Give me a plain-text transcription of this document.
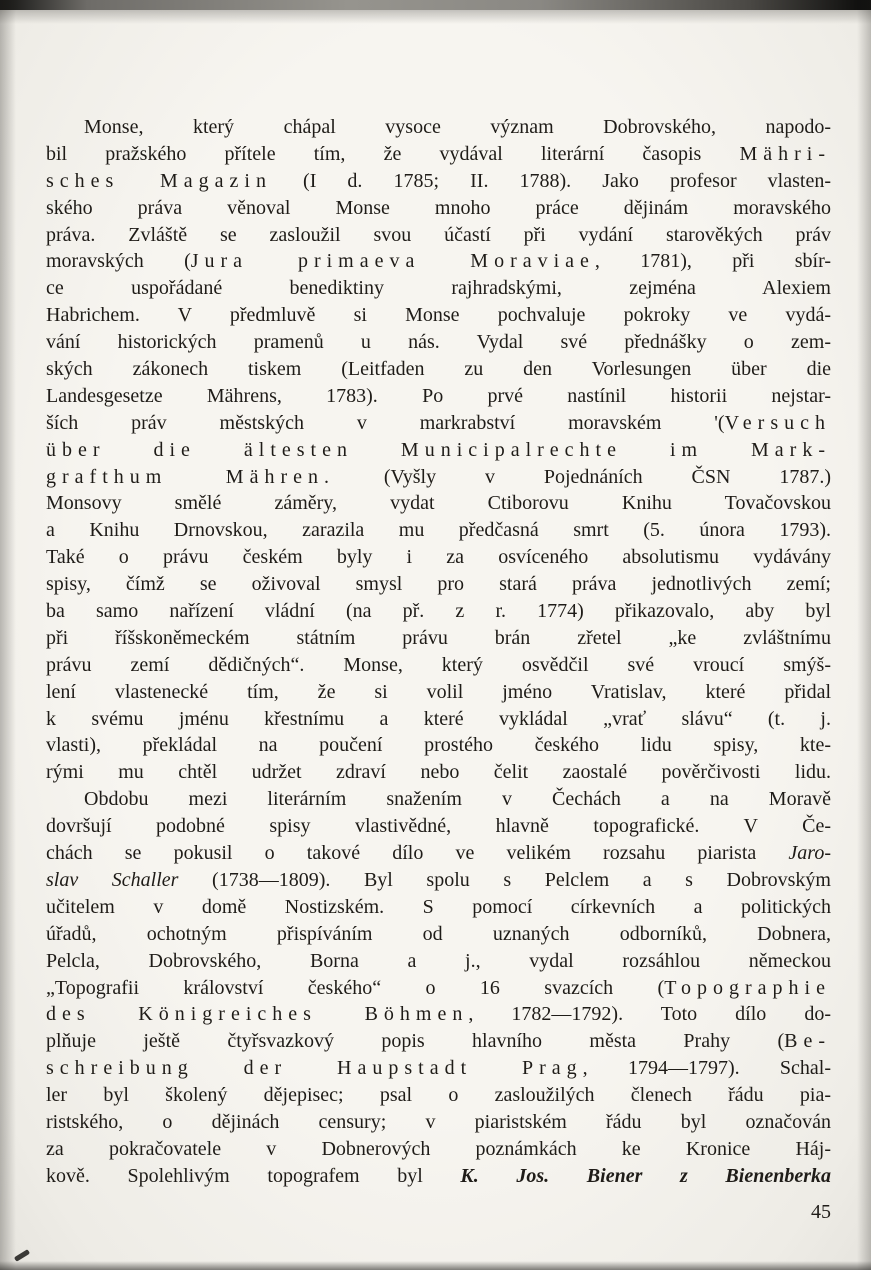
Monse, který chápal vysoce význam Dobrovského, napodo-
bil pražského přítele tím, že vydával literární časopis Mähri-
sches Magazin (I d. 1785; II. 1788). Jako profesor vlasten-
ského práva věnoval Monse mnoho práce dějinám moravského
práva. Zvláště se zasloužil svou účastí při vydání starověkých práv
moravských (Jura primaeva Moraviae, 1781), při sbír-
ce uspořádané benediktiny rajhradskými, zejména Alexiem
Habrichem. V předmluvě si Monse pochvaluje pokroky ve vydá-
vání historických pramenů u nás. Vydal své přednášky o zem-
ských zákonech tiskem (Leitfaden zu den Vorlesungen über die
Landesgesetze Mährens, 1783). Po prvé nastínil historii nejstar-
ších práv městských v markrabství moravském '(Versuch
über die ältesten Municipalrechte im Mark-
grafthum Mähren. (Vyšly v Pojednáních ČSN 1787.)
Monsovy smělé záměry, vydat Ctiborovu Knihu Tovačovskou
a Knihu Drnovskou, zarazila mu předčasná smrt (5. února 1793).
Také o právu českém byly i za osvíceného absolutismu vydávány
spisy, čímž se oživoval smysl pro stará práva jednotlivých zemí;
ba samo nařízení vládní (na př. z r. 1774) přikazovalo, aby byl
při říšskoněmeckém státním právu brán zřetel „ke zvláštnímu
právu zemí dědičných“. Monse, který osvědčil své vroucí smýš-
lení vlastenecké tím, že si volil jméno Vratislav, které přidal
k svému jménu křestnímu a které vykládal „vrať slávu“ (t. j.
vlasti), překládal na poučení prostého českého lidu spisy, kte-
rými mu chtěl udržet zdraví nebo čelit zaostalé pověrčivosti lidu.
Obdobu mezi literárním snažením v Čechách a na Moravě
dovršují podobné spisy vlastivědné, hlavně topografické. V Če-
chách se pokusil o takové dílo ve velikém rozsahu piarista Jaro-
slav Schaller (1738—1809). Byl spolu s Pelclem a s Dobrovským
učitelem v domě Nostizském. S pomocí církevních a politických
úřadů, ochotným přispíváním od uznaných odborníků, Dobnera,
Pelcla, Dobrovského, Borna a j., vydal rozsáhlou německou
„Topografii království českého“ o 16 svazcích (Topographie
des Königreiches Böhmen, 1782—1792). Toto dílo do-
plňuje ještě čtyřsvazkový popis hlavního města Prahy (Be-
schreibung der Haupstadt Prag, 1794—1797). Schal-
ler byl školený dějepisec; psal o zasloužilých členech řádu pia-
ristského, o dějinách censury; v piaristském řádu byl označován
za pokračovatele v Dobnerových poznámkách ke Kronice Háj-
kově. Spolehlivým topografem byl K. Jos. Biener z Bienenberka
45
